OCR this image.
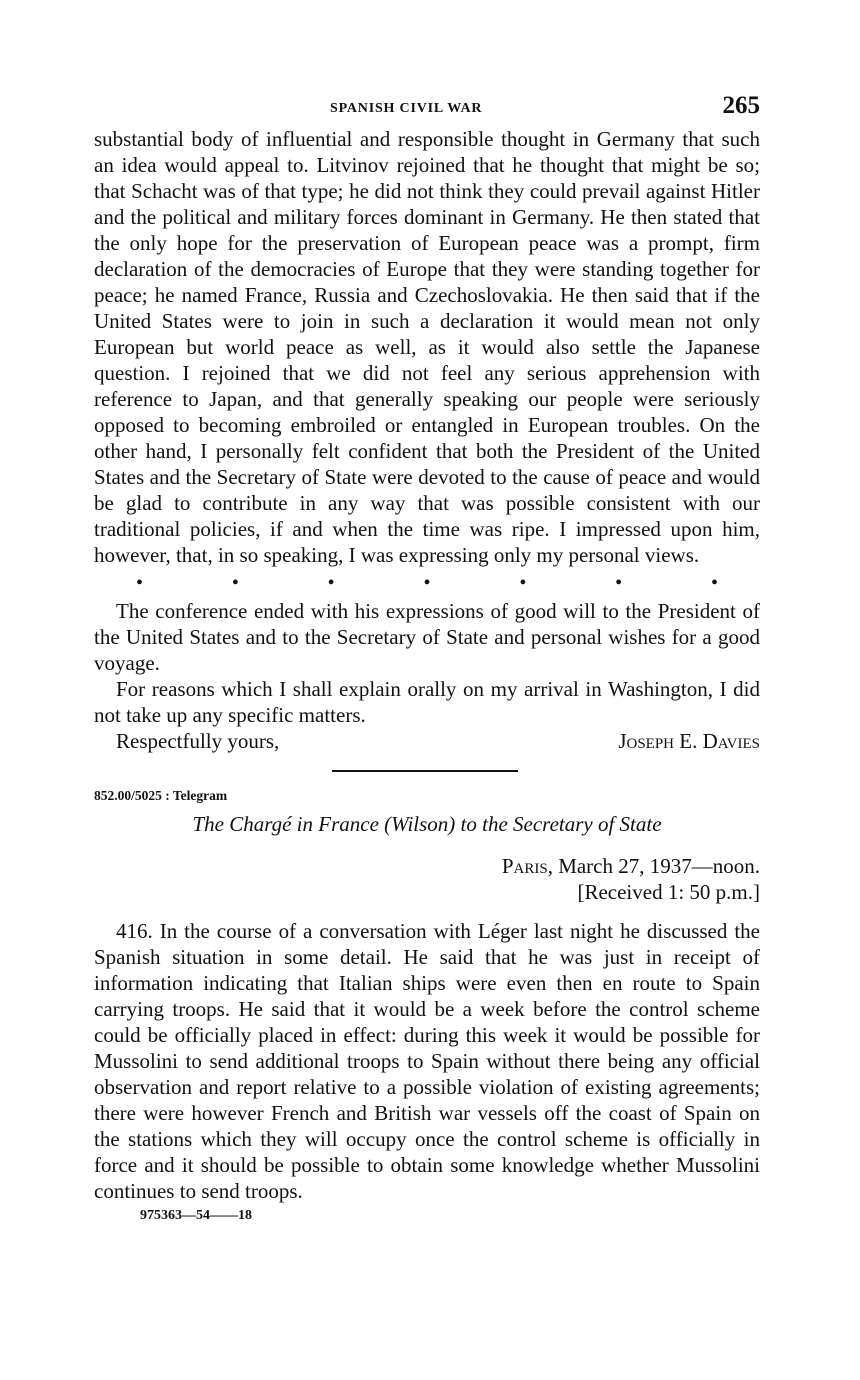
SPANISH CIVIL WAR	265

substantial body of influential and responsible thought in Germany that such an idea would appeal to. Litvinov rejoined that he thought that might be so; that Schacht was of that type; he did not think they could prevail against Hitler and the political and military forces dominant in Germany. He then stated that the only hope for the preservation of European peace was a prompt, firm declaration of the democracies of Europe that they were standing together for peace; he named France, Russia and Czechoslovakia. He then said that if the United States were to join in such a declaration it would mean not only European but world peace as well, as it would also settle the Japanese question. I rejoined that we did not feel any serious apprehension with reference to Japan, and that generally speaking our people were seriously opposed to becoming embroiled or entangled in European troubles. On the other hand, I personally felt confident that both the President of the United States and the Secretary of State were devoted to the cause of peace and would be glad to contribute in any way that was possible consistent with our traditional policies, if and when the time was ripe. I impressed upon him, however, that, in so speaking, I was expressing only my personal views.

•	•	•	•	•	•	•

The conference ended with his expressions of good will to the President of the United States and to the Secretary of State and personal wishes for a good voyage.

For reasons which I shall explain orally on my arrival in Washington, I did not take up any specific matters.

Respectfully yours,	Joseph E. Davies
852.00/5025 : Telegram
The Chargé in France (Wilson) to the Secretary of State
Paris, March 27, 1937—noon.
[Received 1: 50 p.m.]

416. In the course of a conversation with Léger last night he discussed the Spanish situation in some detail. He said that he was just in receipt of information indicating that Italian ships were even then en route to Spain carrying troops. He said that it would be a week before the control scheme could be officially placed in effect: during this week it would be possible for Mussolini to send additional troops to Spain without there being any official observation and report relative to a possible violation of existing agreements; there were however French and British war vessels off the coast of Spain on the stations which they will occupy once the control scheme is officially in force and it should be possible to obtain some knowledge whether Mussolini continues to send troops.

975363—54——18
